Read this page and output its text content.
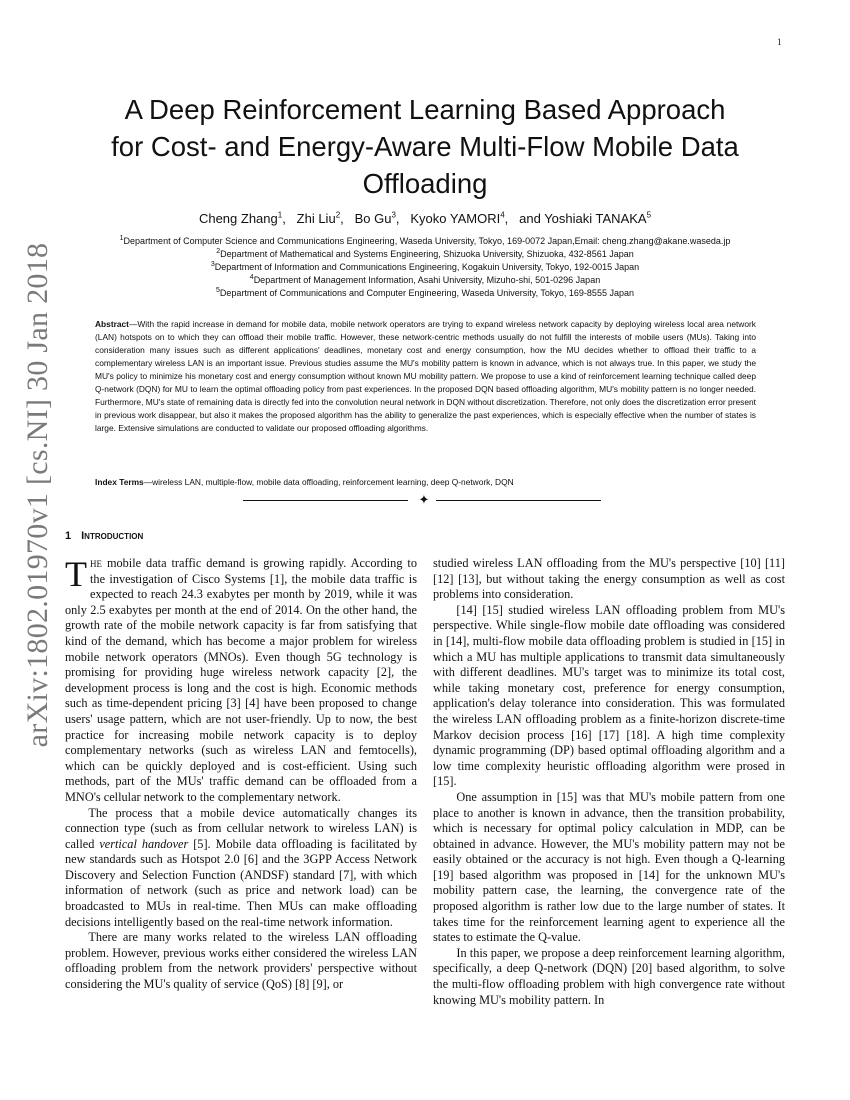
1
arXiv:1802.01970v1 [cs.NI] 30 Jan 2018
A Deep Reinforcement Learning Based Approach
for Cost- and Energy-Aware Multi-Flow Mobile Data
Offloading
Cheng Zhang$^1$,   Zhi Liu$^2$,   Bo Gu$^3$,   Kyoko YAMORI$^4$,   and Yoshiaki TANAKA$^5$
$^1$Department of Computer Science and Communications Engineering, Waseda University, Tokyo, 169-0072 Japan,Email: cheng.zhang@akane.waseda.jp
$^2$Department of Mathematical and Systems Engineering, Shizuoka University, Shizuoka, 432-8561 Japan
$^3$Department of Information and Communications Engineering, Kogakuin University, Tokyo, 192-0015 Japan
$^4$Department of Management Information, Asahi University, Mizuho-shi, 501-0296 Japan
$^5$Department of Communications and Computer Engineering, Waseda University, Tokyo, 169-8555 Japan

Abstract—With the rapid increase in demand for mobile data, mobile network operators are trying to expand wireless network capacity by deploying wireless local area network (LAN) hotspots on to which they can offload their mobile traffic. However, these network-centric methods usually do not fulfill the interests of mobile users (MUs). Taking into consideration many issues such as different applications' deadlines, monetary cost and energy consumption, how the MU decides whether to offload their traffic to a complementary wireless LAN is an important issue. Previous studies assume the MU's mobility pattern is known in advance, which is not always true. In this paper, we study the MU's policy to minimize his monetary cost and energy consumption without known MU mobility pattern. We propose to use a kind of reinforcement learning technique called deep Q-network (DQN) for MU to learn the optimal offloading policy from past experiences. In the proposed DQN based offloading algorithm, MU's mobility pattern is no longer needed. Furthermore, MU's state of remaining data is directly fed into the convolution neural network in DQN without discretization. Therefore, not only does the discretization error present in previous work disappear, but also it makes the proposed algorithm has the ability to generalize the past experiences, which is especially effective when the number of states is large. Extensive simulations are conducted to validate our proposed offloading algorithms.

Index Terms—wireless LAN, multiple-flow, mobile data offloading, reinforcement learning, deep Q-network, DQN

✦
1 Introduction

The mobile data traffic demand is growing rapidly. According to the investigation of Cisco Systems [1], the mobile data traffic is expected to reach 24.3 exabytes per month by 2019, while it was only 2.5 exabytes per month at the end of 2014. On the other hand, the growth rate of the mobile network capacity is far from satisfying that kind of the demand, which has become a major problem for wireless mobile network operators (MNOs). Even though 5G technology is promising for providing huge wireless network capacity [2], the development process is long and the cost is high. Economic methods such as time-dependent pricing [3] [4] have been proposed to change users' usage pattern, which are not user-friendly. Up to now, the best practice for increasing mobile network capacity is to deploy complementary networks (such as wireless LAN and femtocells), which can be quickly deployed and is cost-efficient. Using such methods, part of the MUs' traffic demand can be offloaded from a MNO's cellular network to the complementary network.

The process that a mobile device automatically changes its connection type (such as from cellular network to wireless LAN) is called vertical handover [5]. Mobile data offloading is facilitated by new standards such as Hotspot 2.0 [6] and the 3GPP Access Network Discovery and Selection Function (ANDSF) standard [7], with which information of network (such as price and network load) can be broadcasted to MUs in real-time. Then MUs can make offloading decisions intelligently based on the real-time network information.

There are many works related to the wireless LAN offloading problem. However, previous works either considered the wireless LAN offloading problem from the network providers' perspective without considering the MU's quality of service (QoS) [8] [9], or

studied wireless LAN offloading from the MU's perspective [10] [11] [12] [13], but without taking the energy consumption as well as cost problems into consideration.

[14] [15] studied wireless LAN offloading problem from MU's perspective. While single-flow mobile date offloading was considered in [14], multi-flow mobile data offloading problem is studied in [15] in which a MU has multiple applications to transmit data simultaneously with different deadlines. MU's target was to minimize its total cost, while taking monetary cost, preference for energy consumption, application's delay tolerance into consideration. This was formulated the wireless LAN offloading problem as a finite-horizon discrete-time Markov decision process [16] [17] [18]. A high time complexity dynamic programming (DP) based optimal offloading algorithm and a low time complexity heuristic offloading algorithm were prosed in [15].

One assumption in [15] was that MU's mobile pattern from one place to another is known in advance, then the transition probability, which is necessary for optimal policy calculation in MDP, can be obtained in advance. However, the MU's mobility pattern may not be easily obtained or the accuracy is not high. Even though a Q-learning [19] based algorithm was proposed in [14] for the unknown MU's mobility pattern case, the learning, the convergence rate of the proposed algorithm is rather low due to the large number of states. It takes time for the reinforcement learning agent to experience all the states to estimate the Q-value.

In this paper, we propose a deep reinforcement learning algorithm, specifically, a deep Q-network (DQN) [20] based algorithm, to solve the multi-flow offloading problem with high convergence rate without knowing MU's mobility pattern. In
